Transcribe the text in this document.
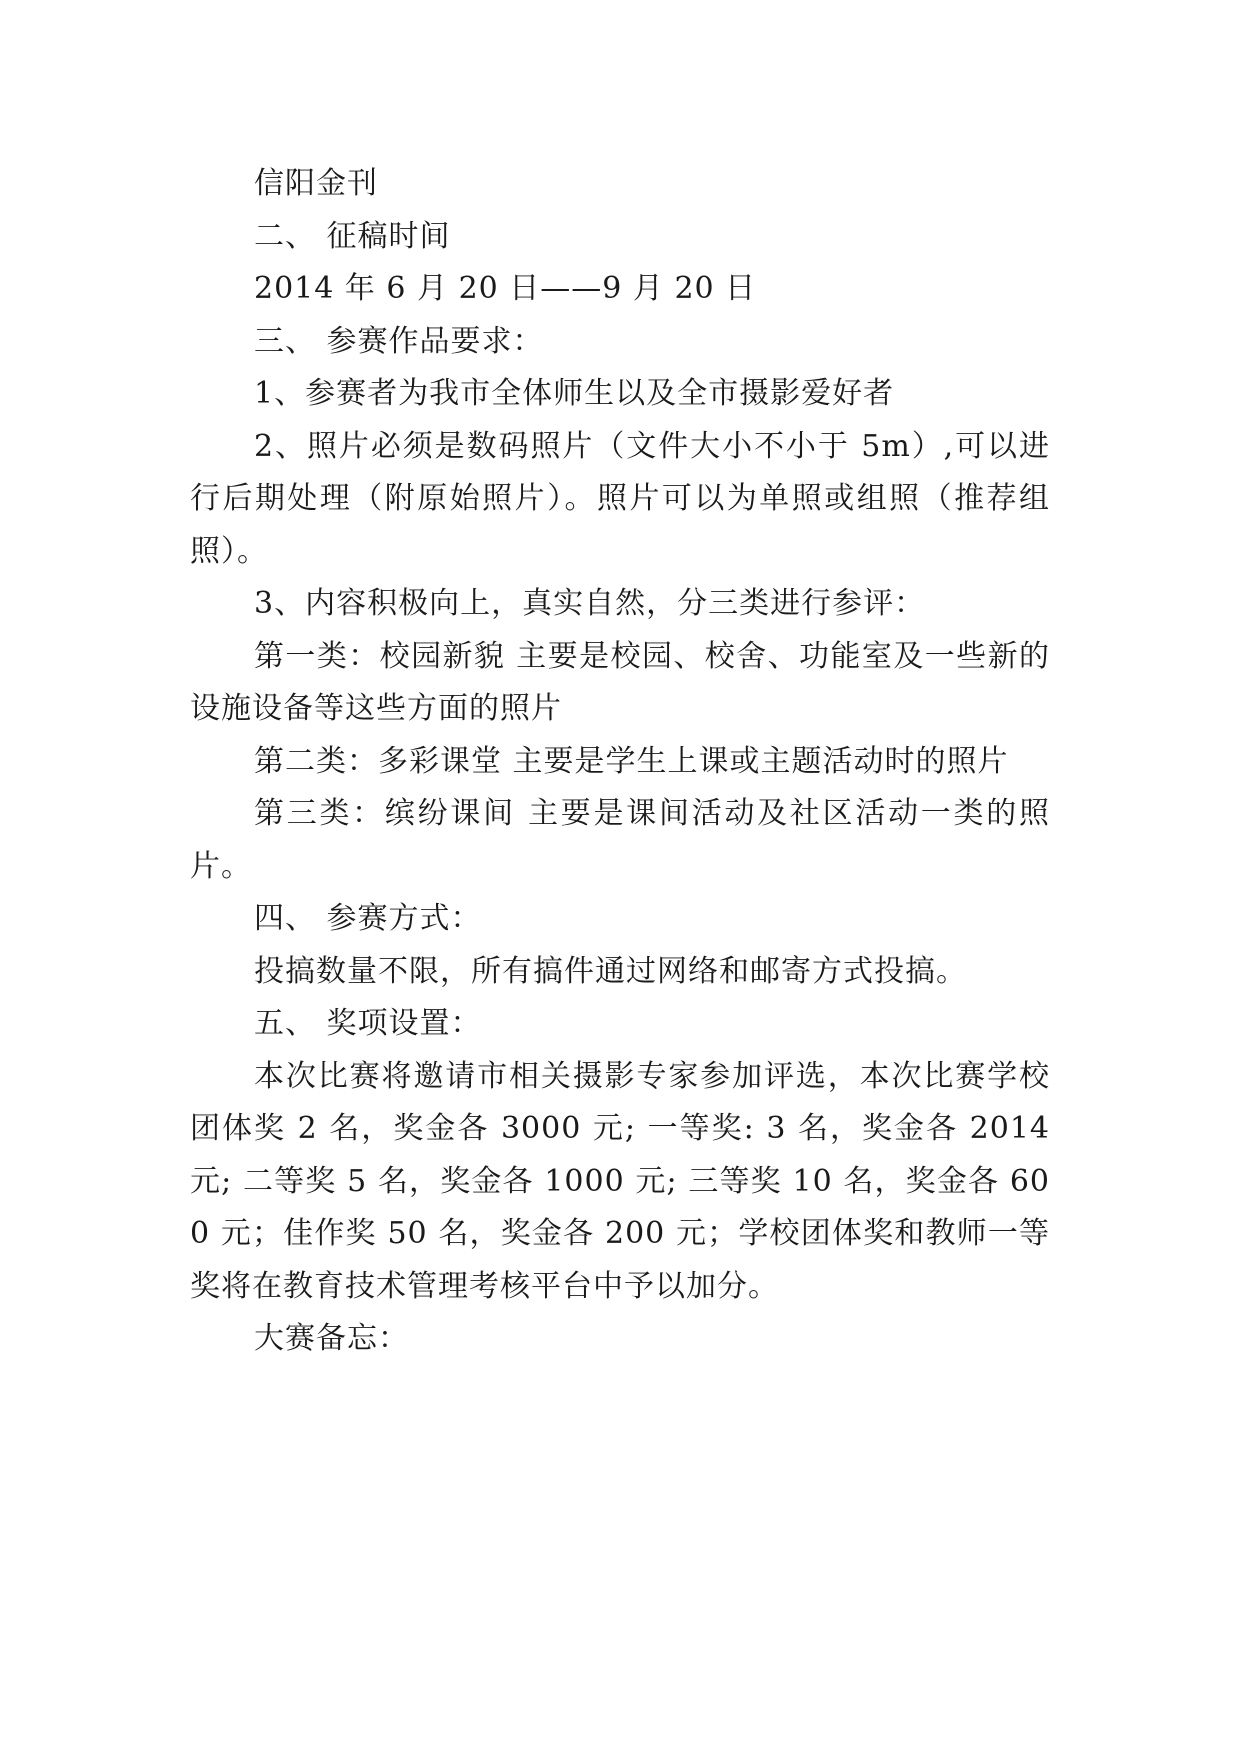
信阳金刊

二、 征稿时间

2014 年 6 月 20 日——9 月 20 日

三、 参赛作品要求：

1、参赛者为我市全体师生以及全市摄影爱好者

2、照片必须是数码照片（文件大小不小于 5m）,可以进行后期处理（附原始照片）。照片可以为单照或组照（推荐组照）。

3、内容积极向上，真实自然，分三类进行参评：

第一类：校园新貌 主要是校园、校舍、功能室及一些新的设施设备等这些方面的照片

第二类：多彩课堂 主要是学生上课或主题活动时的照片

第三类：缤纷课间 主要是课间活动及社区活动一类的照片。

四、 参赛方式：

投搞数量不限，所有搞件通过网络和邮寄方式投搞。

五、 奖项设置：

本次比赛将邀请市相关摄影专家参加评选，本次比赛学校团体奖 2 名，奖金各 3000 元; 一等奖: 3 名，奖金各 2014 元; 二等奖 5 名，奖金各 1000 元; 三等奖 10 名，奖金各 600 元；佳作奖 50 名，奖金各 200 元；学校团体奖和教师一等奖将在教育技术管理考核平台中予以加分。

大赛备忘：
